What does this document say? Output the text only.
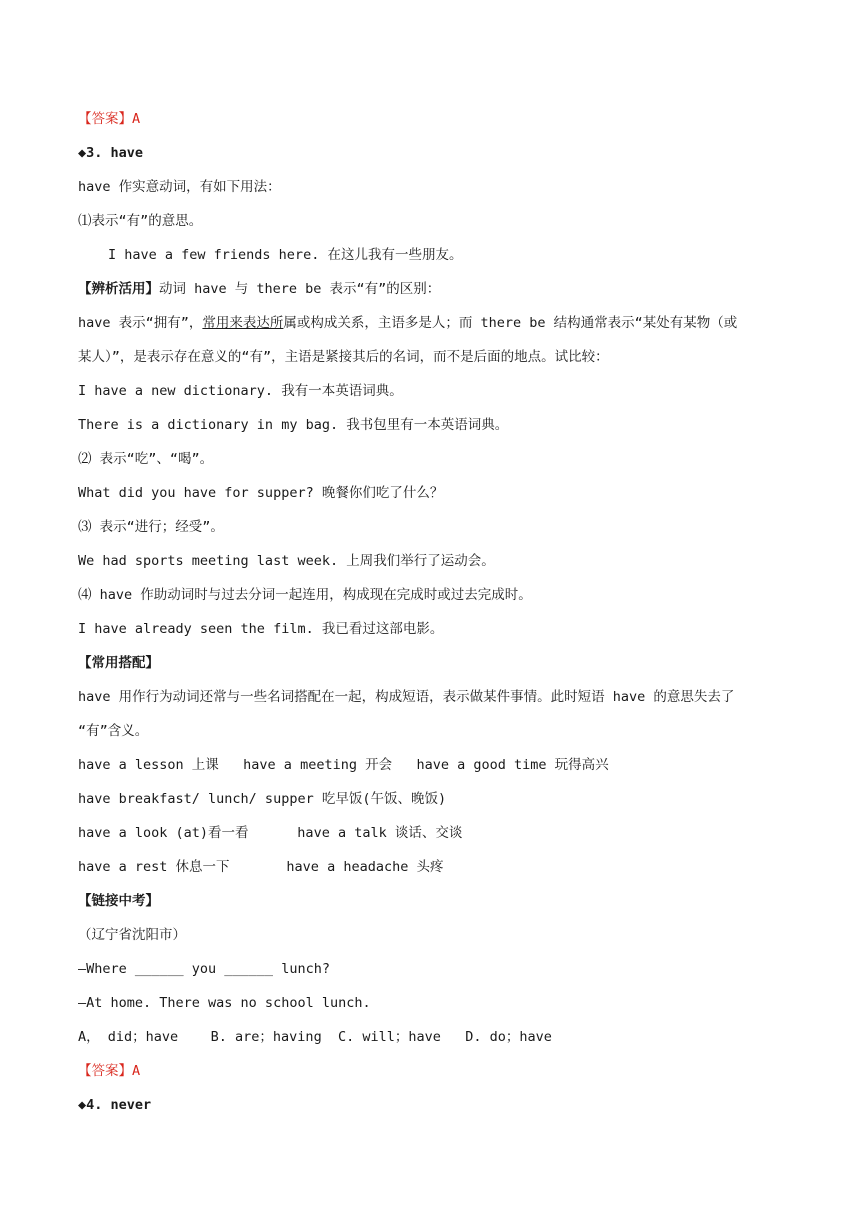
【答案】A
◆3. have
have 作实意动词，有如下用法：
⑴表示“有”的意思。
I have a few friends here. 在这儿我有一些朋友。
【辨析活用】动词 have 与 there be 表示“有”的区别：
have 表示“拥有”，常用来表达所属或构成关系，主语多是人；而 there be 结构通常表示“某处有某物（或
某人）”，是表示存在意义的“有”，主语是紧接其后的名词，而不是后面的地点。试比较：
I have a new dictionary. 我有一本英语词典。
There is a dictionary in my bag. 我书包里有一本英语词典。
⑵ 表示“吃”、“喝”。
What did you have for supper? 晚餐你们吃了什么？
⑶ 表示“进行；经受”。
We had sports meeting last week. 上周我们举行了运动会。
⑷ have 作助动词时与过去分词一起连用，构成现在完成时或过去完成时。
I have already seen the film. 我已看过这部电影。
【常用搭配】
have 用作行为动词还常与一些名词搭配在一起，构成短语，表示做某件事情。此时短语 have 的意思失去了
“有”含义。
have a lesson 上课   have a meeting 开会   have a good time 玩得高兴
have breakfast/ lunch/ supper 吃早饭(午饭、晚饭)
have a look (at)看一看      have a talk 谈话、交谈
have a rest 休息一下       have a headache 头疼
【链接中考】
（辽宁省沈阳市）
—Where ______ you ______ lunch?
—At home. There was no school lunch.
A， did；have    B. are；having  C. will；have   D. do；have
【答案】A
◆4. never
